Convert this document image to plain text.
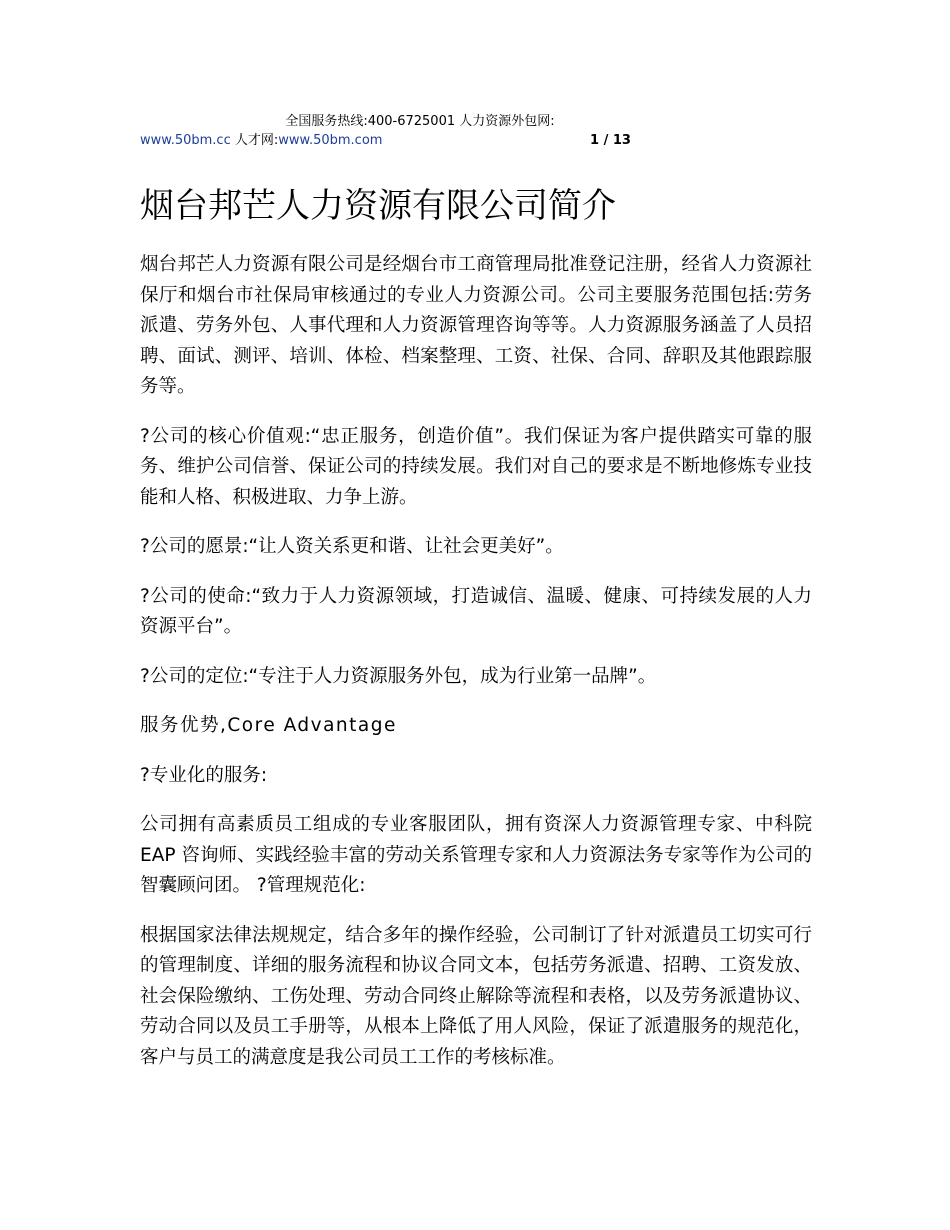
全国服务热线:400-6725001 人力资源外包网:
www.50bm.cc 人才网:www.50bm.com	1 / 13
烟台邦芒人力资源有限公司简介

烟台邦芒人力资源有限公司是经烟台市工商管理局批准登记注册，经省人力资源社保厅和烟台市社保局审核通过的专业人力资源公司。公司主要服务范围包括:劳务派遣、劳务外包、人事代理和人力资源管理咨询等等。人力资源服务涵盖了人员招聘、面试、测评、培训、体检、档案整理、工资、社保、合同、辞职及其他跟踪服务等。

?公司的核心价值观:“忠正服务，创造价值”。我们保证为客户提供踏实可靠的服务、维护公司信誉、保证公司的持续发展。我们对自己的要求是不断地修炼专业技能和人格、积极进取、力争上游。

?公司的愿景:“让人资关系更和谐、让社会更美好”。

?公司的使命:“致力于人力资源领域，打造诚信、温暖、健康、可持续发展的人力资源平台”。

?公司的定位:“专注于人力资源服务外包，成为行业第一品牌”。

服务优势,Core Advantage

?专业化的服务:

公司拥有高素质员工组成的专业客服团队，拥有资深人力资源管理专家、中科院 EAP 咨询师、实践经验丰富的劳动关系管理专家和人力资源法务专家等作为公司的智囊顾问团。 ?管理规范化:

根据国家法律法规规定，结合多年的操作经验，公司制订了针对派遣员工切实可行的管理制度、详细的服务流程和协议合同文本，包括劳务派遣、招聘、工资发放、社会保险缴纳、工伤处理、劳动合同终止解除等流程和表格，以及劳务派遣协议、劳动合同以及员工手册等，从根本上降低了用人风险，保证了派遣服务的规范化，客户与员工的满意度是我公司员工工作的考核标准。
